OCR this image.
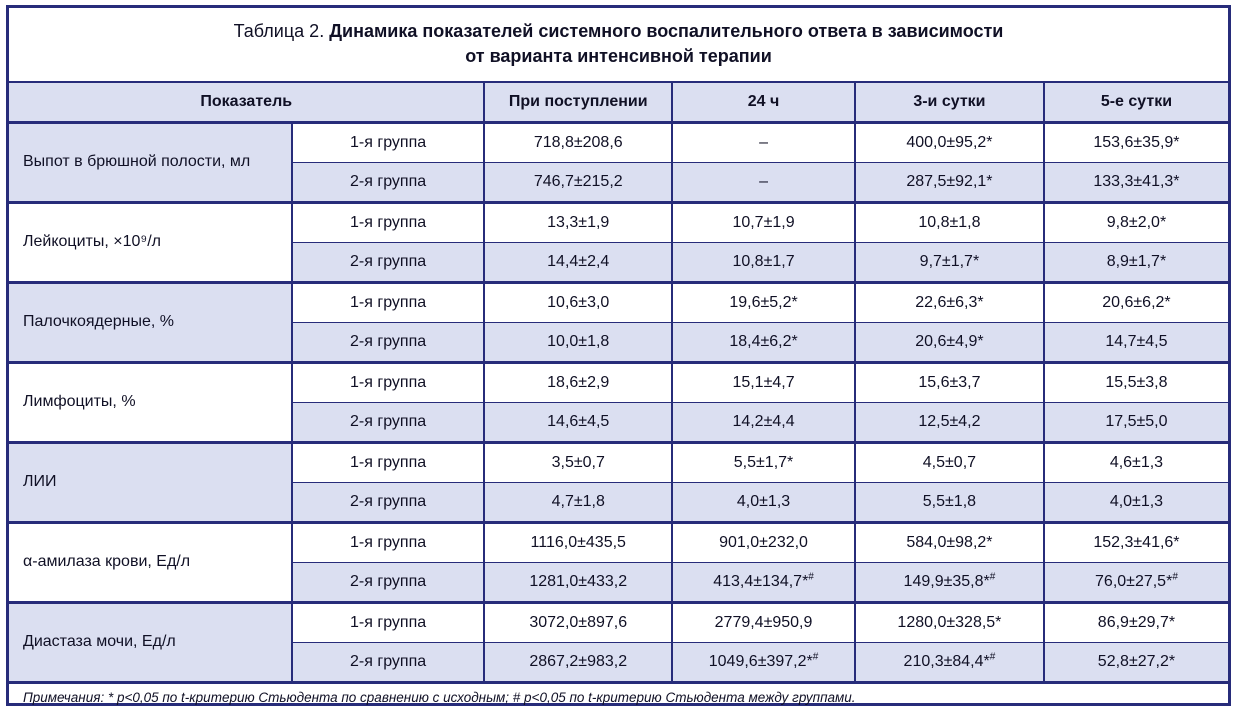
Таблица 2. Динамика показателей системного воспалительного ответа в зависимости
от варианта интенсивной терапии
Показатель		При поступлении	24 ч	3-и сутки	5-е сутки
Выпот в брюшной полости, мл	1-я группа	718,8±208,6	–	400,0±95,2*	153,6±35,9*
	2-я группа	746,7±215,2	–	287,5±92,1*	133,3±41,3*
Лейкоциты, ×10⁹/л	1-я группа	13,3±1,9	10,7±1,9	10,8±1,8	9,8±2,0*
	2-я группа	14,4±2,4	10,8±1,7	9,7±1,7*	8,9±1,7*
Палочкоядерные, %	1-я группа	10,6±3,0	19,6±5,2*	22,6±6,3*	20,6±6,2*
	2-я группа	10,0±1,8	18,4±6,2*	20,6±4,9*	14,7±4,5
Лимфоциты, %	1-я группа	18,6±2,9	15,1±4,7	15,6±3,7	15,5±3,8
	2-я группа	14,6±4,5	14,2±4,4	12,5±4,2	17,5±5,0
ЛИИ	1-я группа	3,5±0,7	5,5±1,7*	4,5±0,7	4,6±1,3
	2-я группа	4,7±1,8	4,0±1,3	5,5±1,8	4,0±1,3
α-амилаза крови, Ед/л	1-я группа	1116,0±435,5	901,0±232,0	584,0±98,2*	152,3±41,6*
	2-я группа	1281,0±433,2	413,4±134,7*#	149,9±35,8*#	76,0±27,5*#
Диастаза мочи, Ед/л	1-я группа	3072,0±897,6	2779,4±950,9	1280,0±328,5*	86,9±29,7*
	2-я группа	2867,2±983,2	1049,6±397,2*#	210,3±84,4*#	52,8±27,2*
Примечания: * р<0,05 по t-критерию Стьюдента по сравнению с исходным; # р<0,05 по t-критерию Стьюдента между группами.
